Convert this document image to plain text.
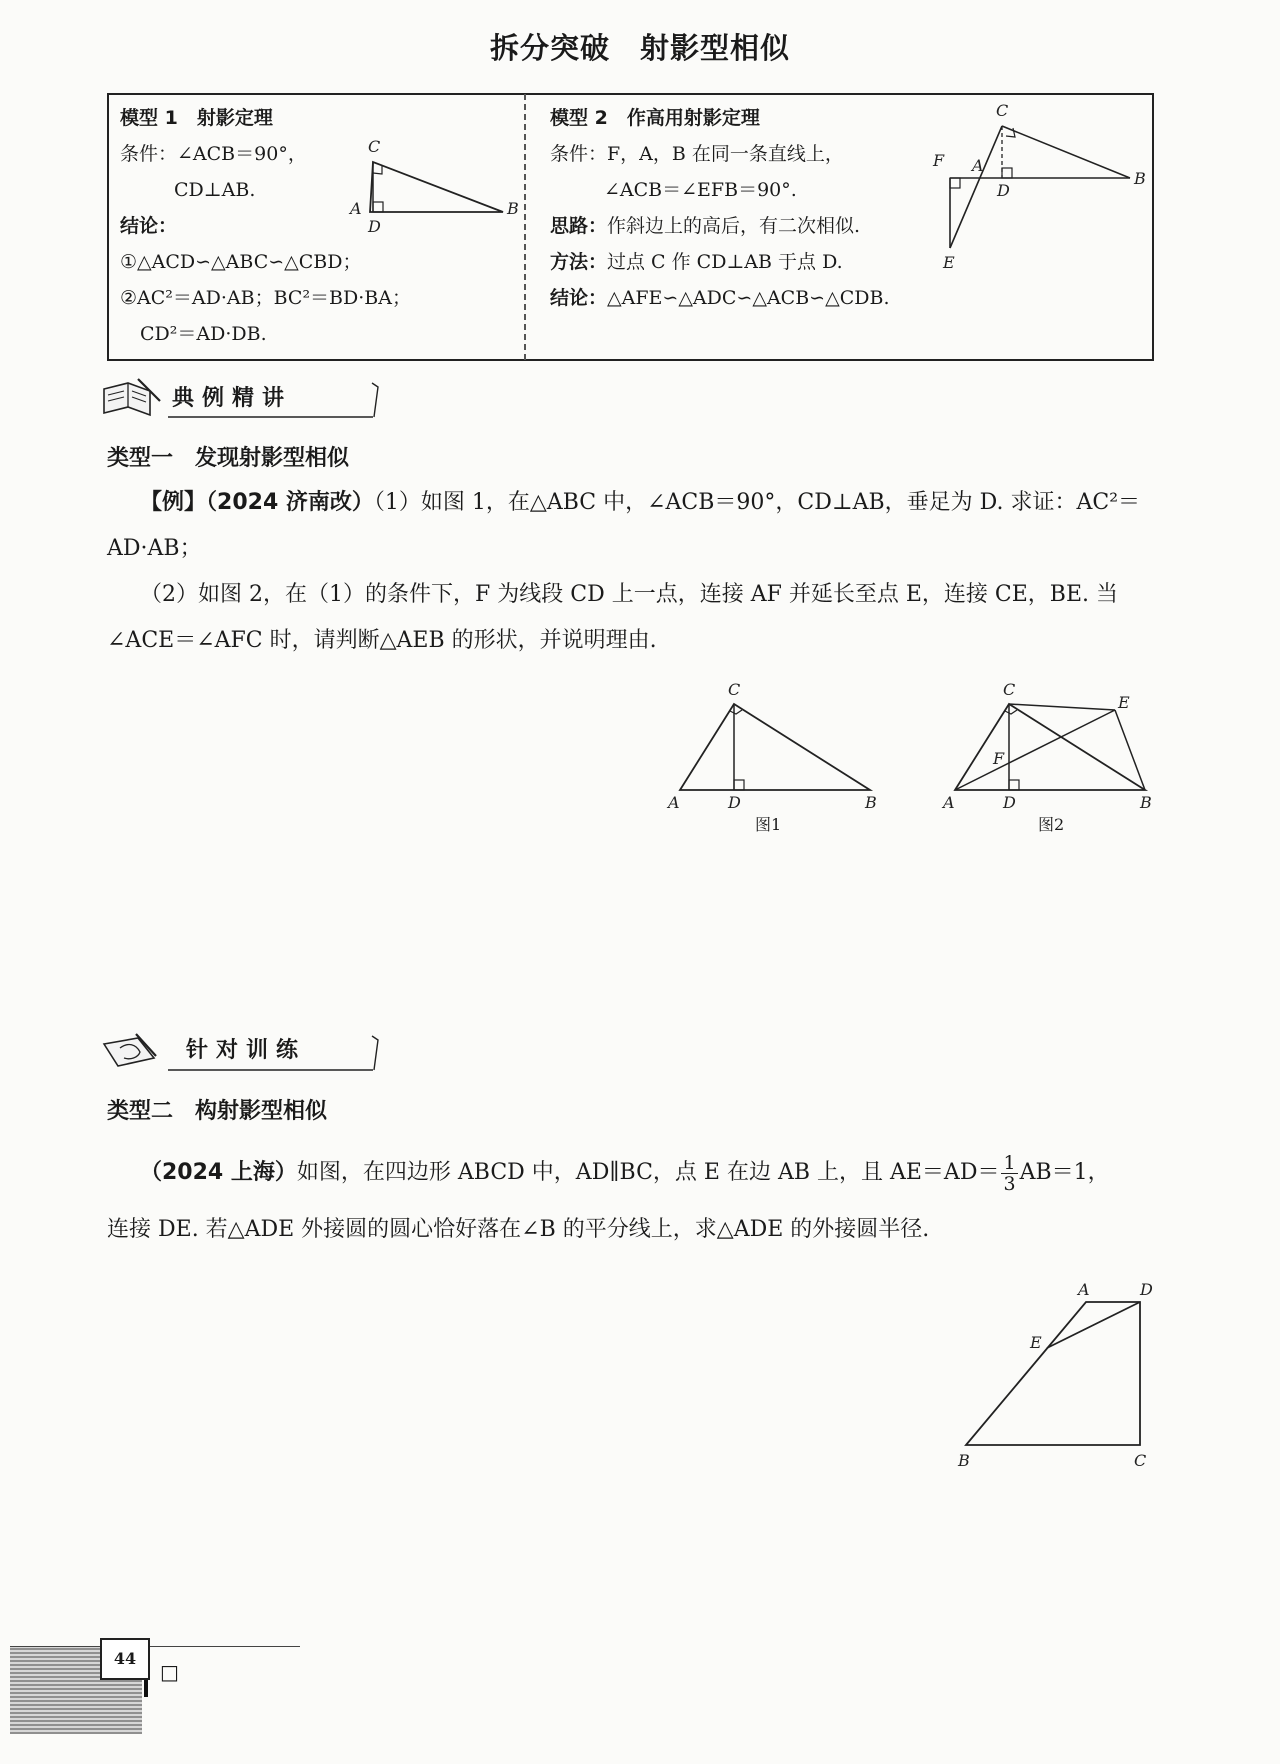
拆分突破　射影型相似
模型 1　射影定理
条件：∠ACB＝90°，
CD⊥AB.
结论：
①△ACD∽△ABC∽△CBD；
②AC²＝AD·AB；BC²＝BD·BA；
CD²＝AD·DB.
C
A
D
B
模型 2　作高用射影定理
条件：F，A，B 在同一条直线上，
∠ACB＝∠EFB＝90°.
思路：作斜边上的高后，有二次相似.
方法：过点 C 作 CD⊥AB 于点 D.
结论：△AFE∽△ADC∽△ACB∽△CDB.
C
F A
D
B
E
典例精讲
类型一　发现射影型相似
【例】（2024 济南改）（1）如图 1，在△ABC 中，∠ACB＝90°，CD⊥AB，垂足为 D. 求证：AC²＝
AD·AB；
（2）如图 2，在（1）的条件下，F 为线段 CD 上一点，连接 AF 并延长至点 E，连接 CE，BE. 当
∠ACE＝∠AFC 时，请判断△AEB 的形状，并说明理由.
C
A	D	B
图1
C
E
F
A	D	B
图2
针对训练
类型二　构射影型相似
（2024 上海）如图，在四边形 ABCD 中，AD∥BC，点 E 在边 AB 上，且 $AE=AD= \frac{1}{3} AB=1$，
连接 DE. 若△ADE 外接圆的圆心恰好落在∠B 的平分线上，求△ADE 的外接圆半径.
A	D
E
B	C
44
□
